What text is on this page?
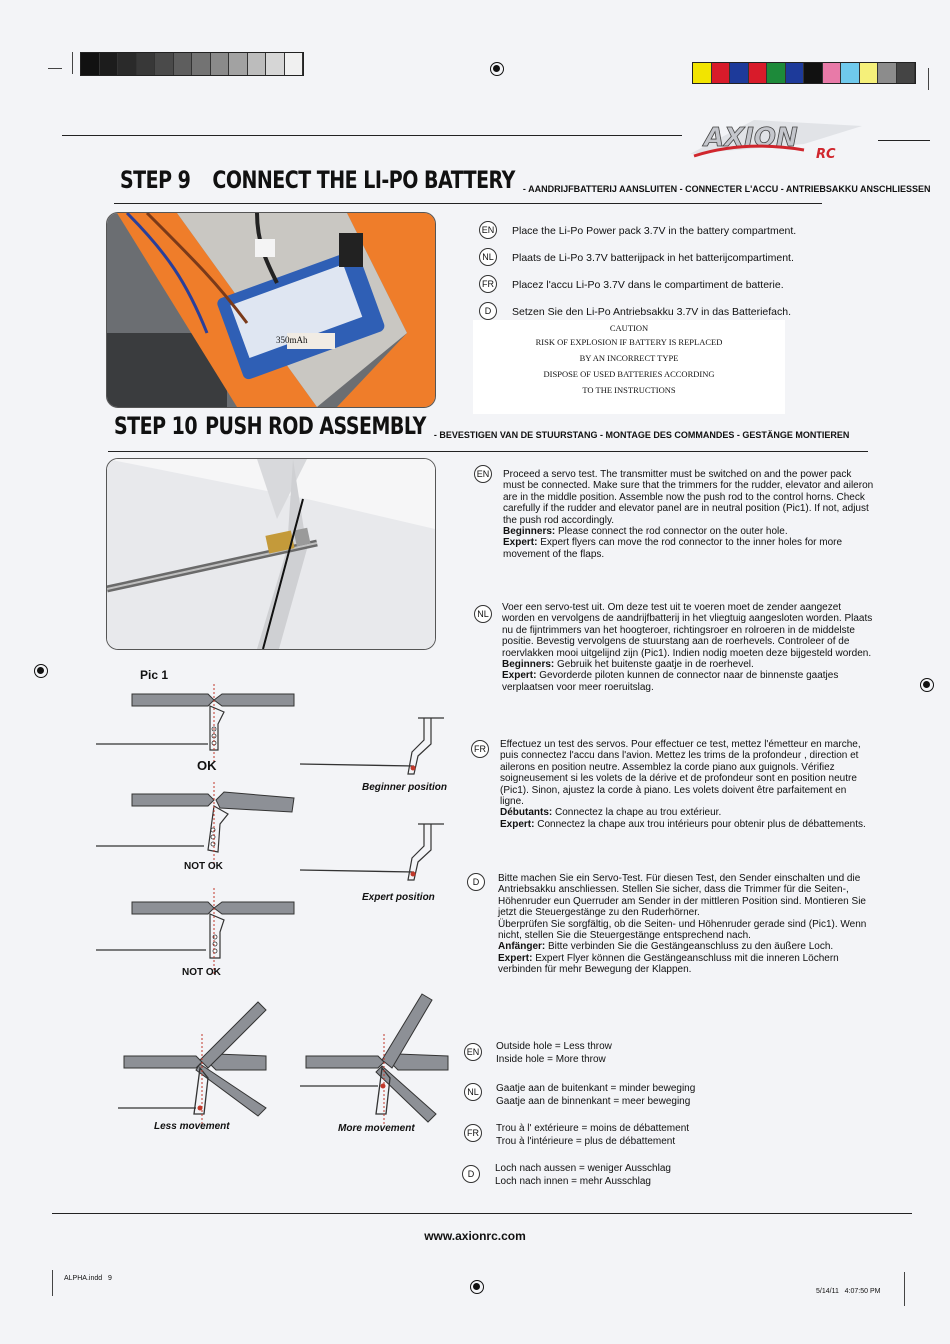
AXION
RC
STEP 9 CONNECT THE LI-PO BATTERY - AANDRIJFBATTERIJ AANSLUITEN - CONNECTER L'ACCU - ANTRIEBSAKKU ANSCHLIESSEN
350mAh
EN Place the Li-Po Power pack 3.7V in the battery compartment.
NL	Plaats de Li-Po 3.7V batterijpack in het batterijcompartiment.
FR Placez l'accu Li-Po 3.7V dans le compartiment de batterie.
D	Setzen Sie den Li-Po Antriebsakku 3.7V in das Batteriefach.
CAUTION
RISK OF EXPLOSION IF BATTERY IS REPLACED
BY AN INCORRECT TYPE
DISPOSE OF USED BATTERIES ACCORDING
TO THE INSTRUCTIONS
STEP 10 PUSH ROD ASSEMBLY - BEVESTIGEN VAN DE STUURSTANG - MONTAGE DES COMMANDES - GESTÄNGE MONTIEREN
Pic 1
OK
NOT OK
NOT OK
Beginner position
Expert position
Less movement	More movement
EN Proceed a servo test. The transmitter must be switched on and the power pack must be connected. Make sure that the trimmers for the rudder, elevator and aileron are in the middle position. Assemble now the push rod to the control horns. Check carefully if the rudder and elevator panel are in neutral position (Pic1). If not, adjust the push rod accordingly.

Beginners: Please connect the rod connector on the outer hole.

Expert: Expert flyers can move the rod connector to the inner holes for more movement of the flaps.

NL

Voer een servo-test uit. Om deze test uit te voeren moet de zender aangezet worden en vervolgens de aandrijfbatterij in het vliegtuig aangesloten worden. Plaats nu de fijntrimmers van het hoogteroer, richtingsroer en rolroeren in de middelste positie. Bevestig vervolgens de stuurstang aan de roerhevels. Controleer of de roervlakken mooi uitgelijnd zijn (Pic1). Indien nodig moeten deze bijgesteld worden.

Beginners: Gebruik het buitenste gaatje in de roerhevel.

Expert: Gevorderde piloten kunnen de connector naar de binnenste gaatjes verplaatsen voor meer roeruitslag.

FR	Effectuez un test des servos. Pour effectuer ce test, mettez l'émetteur en marche, puis connectez l'accu dans l'avion. Mettez les trims de la profondeur , direction et ailerons en position neutre. Assemblez la corde piano aux guignols. Vérifiez soigneusement si les volets de la dérive et de profondeur sont en position neutre (Pic1). Sinon, ajustez la corde à piano. Les volets doivent être parfaitement en ligne.

Débutants: Connectez la chape au trou extérieur.

Expert: Connectez la chape aux trou intérieurs pour obtenir plus de débattements.

D	Bitte machen Sie ein Servo-Test. Für diesen Test, den Sender einschalten und die Antriebsakku anschliessen. Stellen Sie sicher, dass die Trimmer für die Seiten-, Höhenruder eun Querruder am Sender in der mittleren Position sind. Montieren Sie jetzt die Steuergestänge zu den Ruderhörner.

Überprüfen Sie sorgfältig, ob die Seiten- und Höhenruder gerade sind (Pic1). Wenn nicht, stellen Sie die Steuergestänge entsprechend nach.

Anfänger: Bitte verbinden Sie die Gestängeanschluss zu den äußere Loch.

Expert: Expert Flyer können die Gestängeanschluss mit die inneren Löchern verbinden für mehr Bewegung der Klappen.

EN Outside hole = Less throw
Inside hole = More throw
NL	Gaatje aan de buitenkant = minder beweging
Gaatje aan de binnenkant = meer beweging
FR	Trou à l' extérieure = moins de débattement
Trou à l'intérieure = plus de débattement
D	Loch nach aussen = weniger Ausschlag
Loch nach innen = mehr Ausschlag
www.axionrc.com
ALPHA.indd   9
5/14/11   4:07:50 PM
